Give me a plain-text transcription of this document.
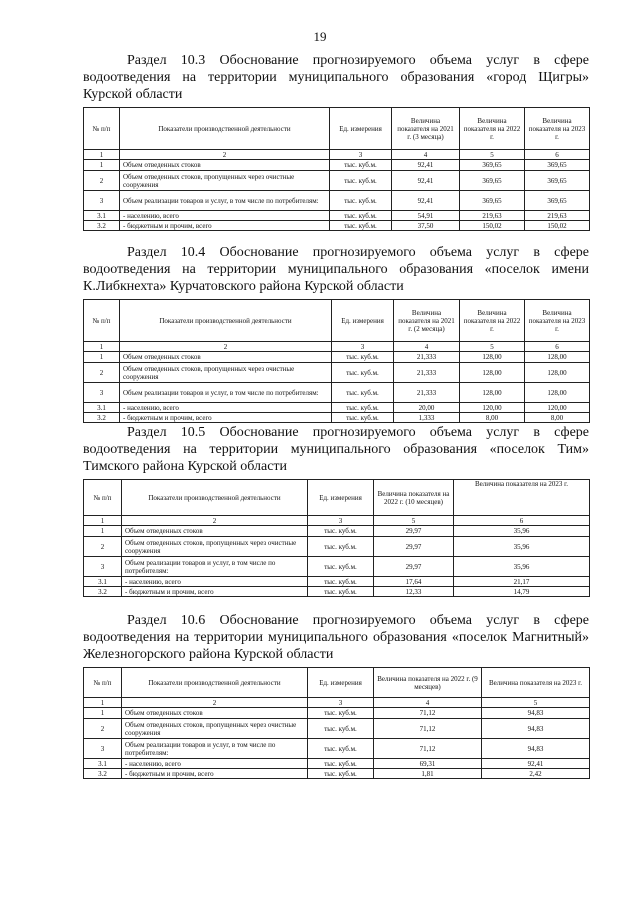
19

Раздел 10.3 Обоснование прогнозируемого объема услуг в сфере водоотведения на территории муниципального образования «город Щигры» Курской области

№ п/п	Показатели производственной деятельности	Ед. измерения	Величина показателя на 2021 г. (3 месяца)	Величина показателя на 2022 г.	Величина показателя на 2023 г.
1	2	3	4	5	6
1	Объем отведенных стоков	тыс. куб.м.	92,41	369,65	369,65
2	Объем отведенных стоков, пропущенных через очистные сооружения	тыс. куб.м.	92,41	369,65	369,65
3	Объем реализации товаров и услуг, в том числе по потребителям:	тыс. куб.м.	92,41	369,65	369,65
3.1	- населению, всего	тыс. куб.м.	54,91	219,63	219,63
3.2	- бюджетным и прочим, всего	тыс. куб.м.	37,50	150,02	150,02

Раздел 10.4 Обоснование прогнозируемого объема услуг в сфере водоотведения на территории муниципального образования «поселок имени К.Либкнехта» Курчатовского района Курской области

№ п/п	Показатели производственной деятельности	Ед. измерения	Величина показателя на 2021 г. (2 месяца)	Величина показателя на 2022 г.	Величина показателя на 2023 г.
1	2	3	4	5	6
1	Объем отведенных стоков	тыс. куб.м.	21,333	128,00	128,00
2	Объем отведенных стоков, пропущенных через очистные сооружения	тыс. куб.м.	21,333	128,00	128,00
3	Объем реализации товаров и услуг, в том числе по потребителям:	тыс. куб.м.	21,333	128,00	128,00
3.1	- населению, всего	тыс. куб.м.	20,00	120,00	120,00
3.2	- бюджетным и прочим, всего	тыс. куб.м.	1,333	8,00	8,00

Раздел 10.5 Обоснование прогнозируемого объема услуг в сфере водоотведения на территории муниципального образования «поселок Тим» Тимского района Курской области

№ п/п	Показатели производственной деятельности	Ед. измерения	Величина показателя на 2022 г. (10 месяцев)	Величина показателя на 2023 г.
1	2	3	5	6
1	Объем отведенных стоков	тыс. куб.м.	29,97	35,96
2	Объем отведенных стоков, пропущенных через очистные сооружения	тыс. куб.м.	29,97	35,96
3	Объем реализации товаров и услуг, в том числе по потребителям:	тыс. куб.м.	29,97	35,96
3.1	- населению, всего	тыс. куб.м.	17,64	21,17
3.2	- бюджетным и прочим, всего	тыс. куб.м.	12,33	14,79

Раздел 10.6 Обоснование прогнозируемого объема услуг в сфере водоотведения на территории муниципального образования «поселок Магнитный» Железногорского района Курской области

№ п/п	Показатели производственной деятельности	Ед. измерения	Величина показателя на 2022 г. (9 месяцев)	Величина показателя на 2023 г.
1	2	3	4	5
1	Объем отведенных стоков	тыс. куб.м.	71,12	94,83
2	Объем отведенных стоков, пропущенных через очистные сооружения	тыс. куб.м.	71,12	94,83
3	Объем реализации товаров и услуг, в том числе по потребителям:	тыс. куб.м.	71,12	94,83
3.1	- населению, всего	тыс. куб.м.	69,31	92,41
3.2	- бюджетным и прочим, всего	тыс. куб.м.	1,81	2,42
